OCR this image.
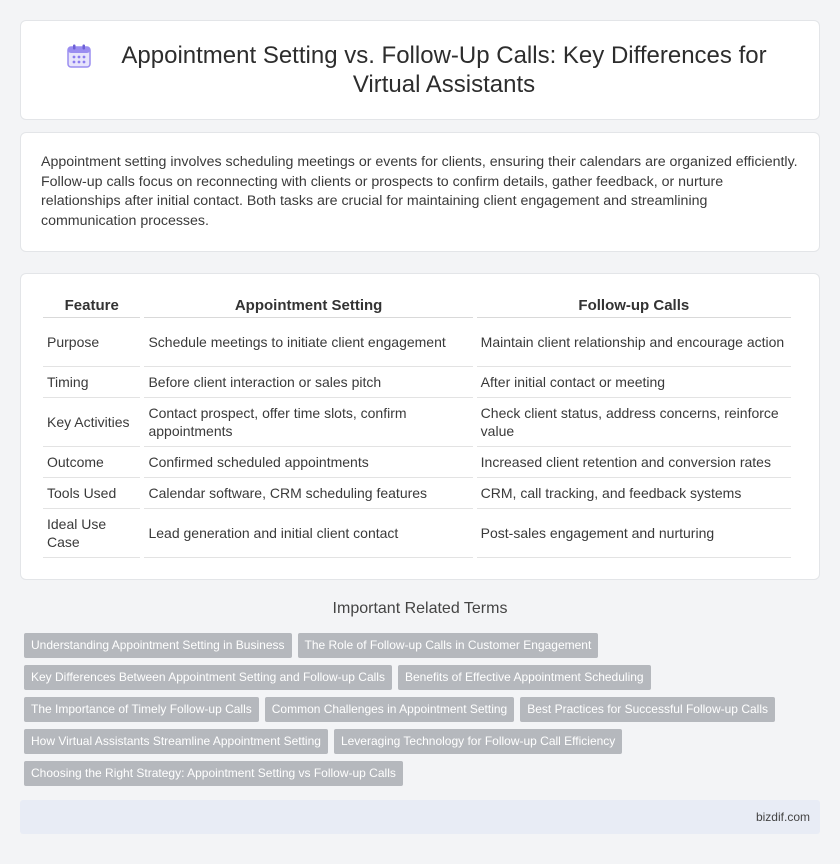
Appointment Setting vs. Follow-Up Calls: Key Differences for Virtual Assistants

Appointment setting involves scheduling meetings or events for clients, ensuring their calendars are organized efficiently. Follow-up calls focus on reconnecting with clients or prospects to confirm details, gather feedback, or nurture relationships after initial contact. Both tasks are crucial for maintaining client engagement and streamlining communication processes.

Feature	Appointment Setting	Follow-up Calls
Purpose	Schedule meetings to initiate client engagement	Maintain client relationship and encourage action
Timing	Before client interaction or sales pitch	After initial contact or meeting
Key Activities	Contact prospect, offer time slots, confirm appointments	Check client status, address concerns, reinforce value
Outcome	Confirmed scheduled appointments	Increased client retention and conversion rates
Tools Used	Calendar software, CRM scheduling features	CRM, call tracking, and feedback systems
Ideal Use Case	Lead generation and initial client contact	Post-sales engagement and nurturing
Important Related Terms
Understanding Appointment Setting in Business	The Role of Follow-up Calls in Customer Engagement
Key Differences Between Appointment Setting and Follow-up Calls	Benefits of Effective Appointment Scheduling
The Importance of Timely Follow-up Calls	Common Challenges in Appointment Setting	Best Practices for Successful Follow-up Calls
How Virtual Assistants Streamline Appointment Setting	Leveraging Technology for Follow-up Call Efficiency
Choosing the Right Strategy: Appointment Setting vs Follow-up Calls
bizdif.com
